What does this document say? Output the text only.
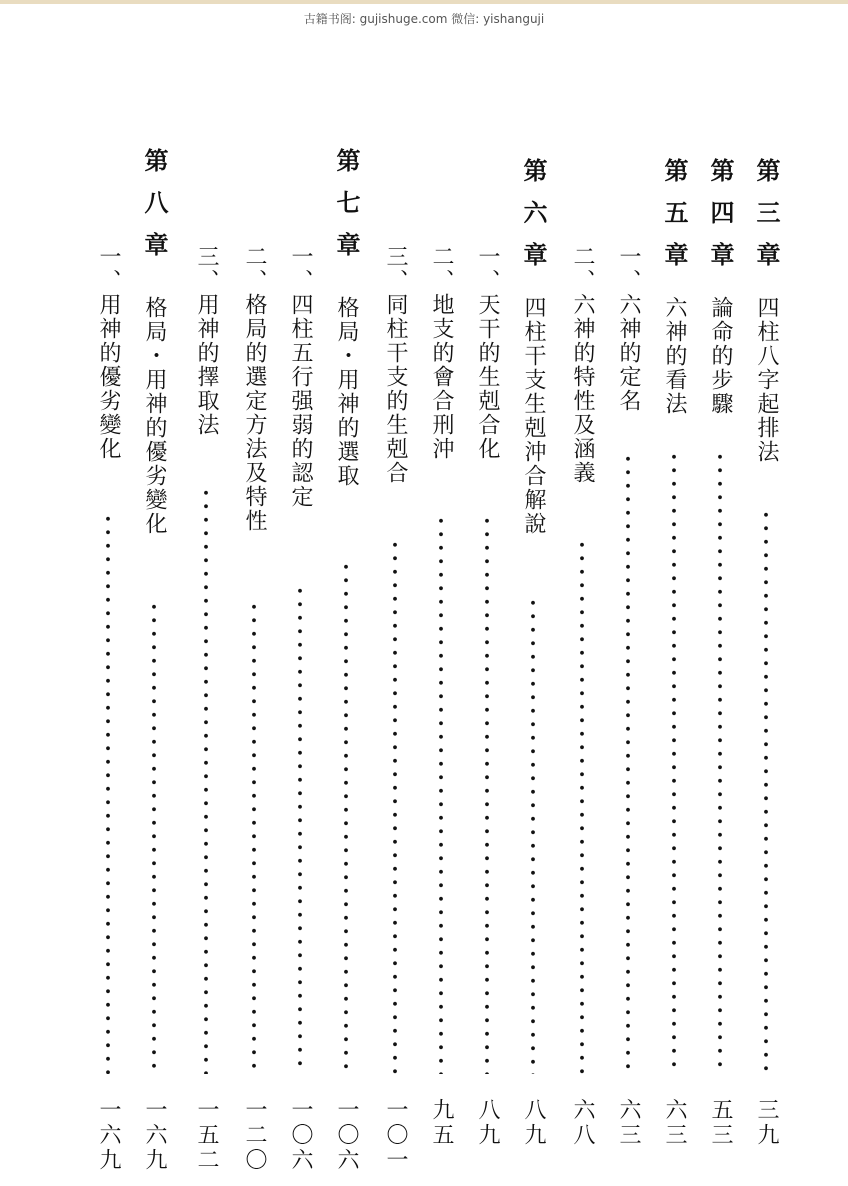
古籍书阁: gujishuge.com 微信: yishanguji
第三章
四柱八字起排法
三九
第四章
論命的步驟
五三
第五章
六神的看法
六三
一、六神的定名
六三
二、六神的特性及涵義
六八
第六章
四柱干支生剋沖合解說
八九
一、天干的生剋合化
八九
二、地支的會合刑沖
九五
三、同柱干支的生剋合
一〇一
第七章
格局・用神的選取
一〇六
一、四柱五行强弱的認定
一〇六
二、格局的選定方法及特性
一二〇
三、用神的擇取法
一五二
第八章
格局・用神的優劣變化
一六九
一、用神的優劣變化
一六九
